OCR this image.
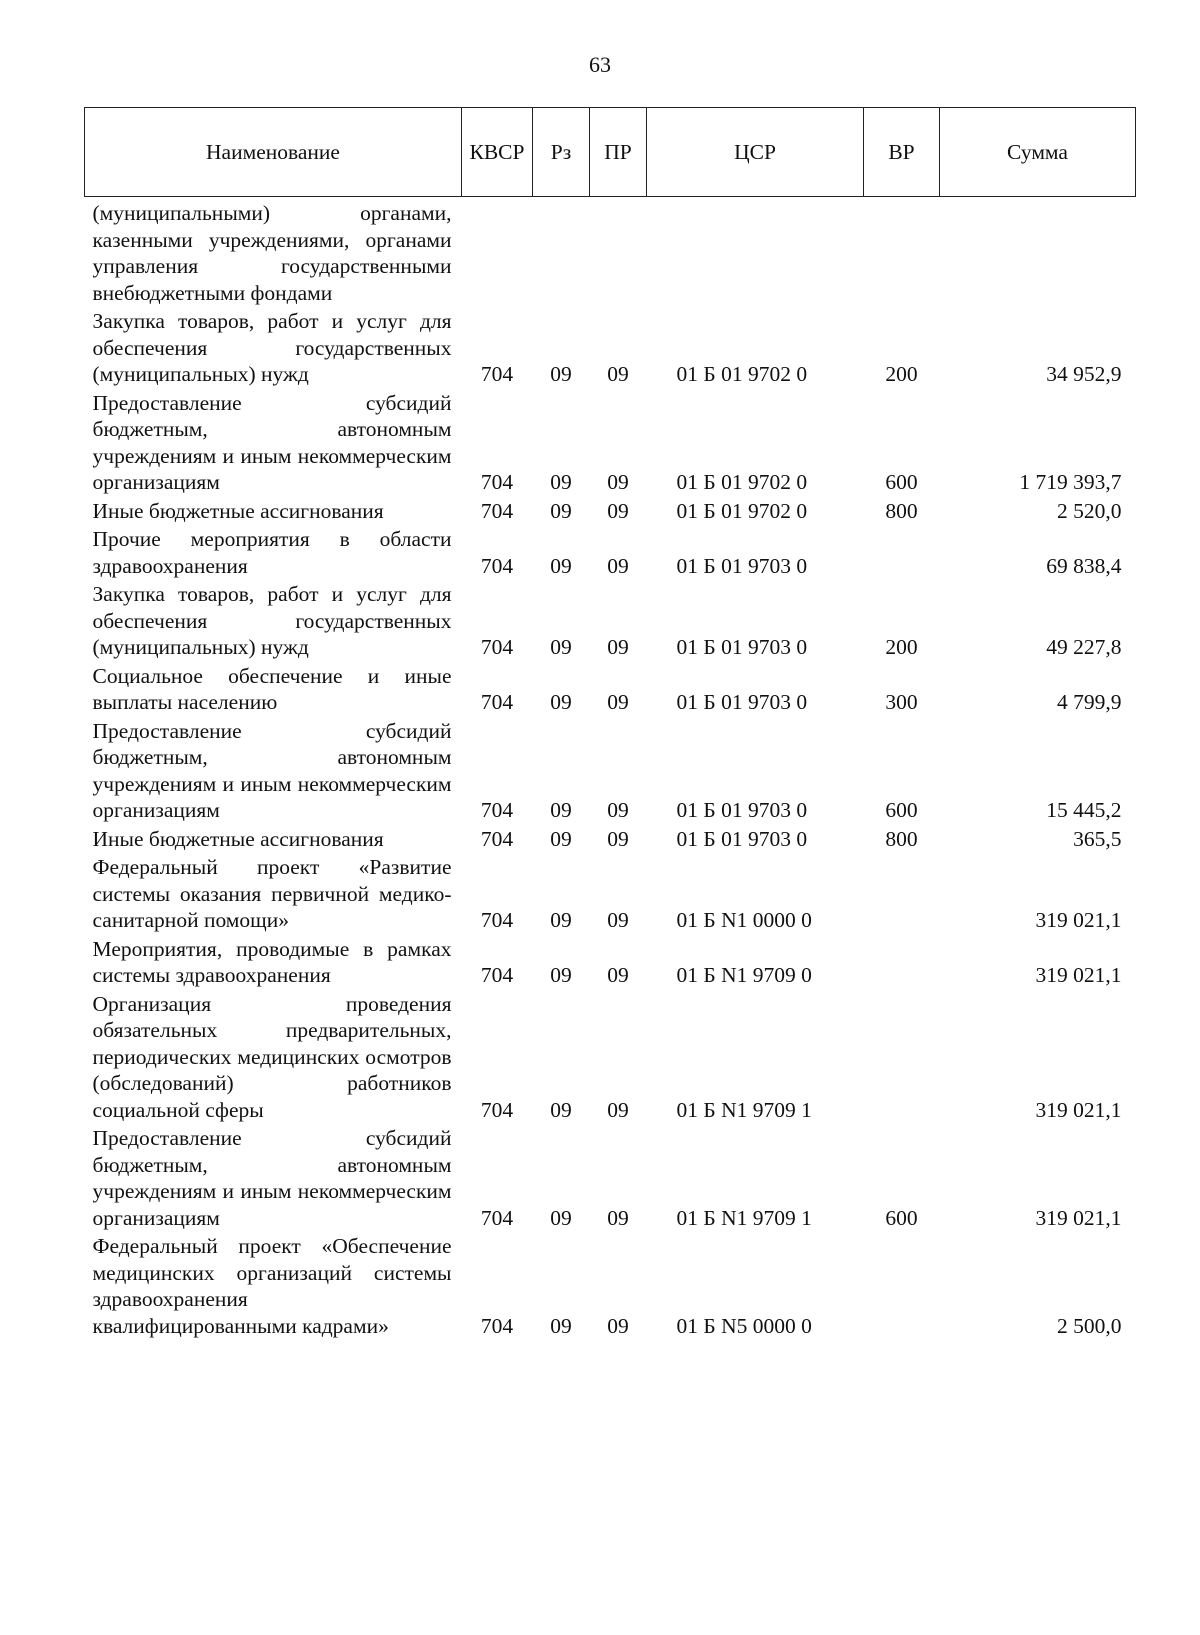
63
Наименование	КВСР	Рз	ПР	ЦСР	ВР	Сумма
(муниципальными) органами, казенными учреждениями, органами управления государственными внебюджетными фондами						
Закупка товаров, работ и услуг для обеспечения государственных (муниципальных) нужд	704	09	09	01 Б 01 9702 0	200	34 952,9
Предоставление субсидий бюджетным, автономным учреждениям и иным некоммерческим организациям	704	09	09	01 Б 01 9702 0	600	1 719 393,7
Иные бюджетные ассигнования	704	09	09	01 Б 01 9702 0	800	2 520,0
Прочие мероприятия в области здравоохранения	704	09	09	01 Б 01 9703 0		69 838,4
Закупка товаров, работ и услуг для обеспечения государственных (муниципальных) нужд	704	09	09	01 Б 01 9703 0	200	49 227,8
Социальное обеспечение и иные выплаты населению	704	09	09	01 Б 01 9703 0	300	4 799,9
Предоставление субсидий бюджетным, автономным учреждениям и иным некоммерческим организациям	704	09	09	01 Б 01 9703 0	600	15 445,2
Иные бюджетные ассигнования	704	09	09	01 Б 01 9703 0	800	365,5
Федеральный проект «Развитие системы оказания первичной медико-санитарной помощи»	704	09	09	01 Б N1 0000 0		319 021,1
Мероприятия, проводимые в рамках системы здравоохранения	704	09	09	01 Б N1 9709 0		319 021,1
Организация проведения обязательных предварительных, периодических медицинских осмотров (обследований) работников социальной сферы	704	09	09	01 Б N1 9709 1		319 021,1
Предоставление субсидий бюджетным, автономным учреждениям и иным некоммерческим организациям	704	09	09	01 Б N1 9709 1	600	319 021,1
Федеральный проект «Обеспечение медицинских организаций системы здравоохранения квалифицированными кадрами»	704	09	09	01 Б N5 0000 0		2 500,0
